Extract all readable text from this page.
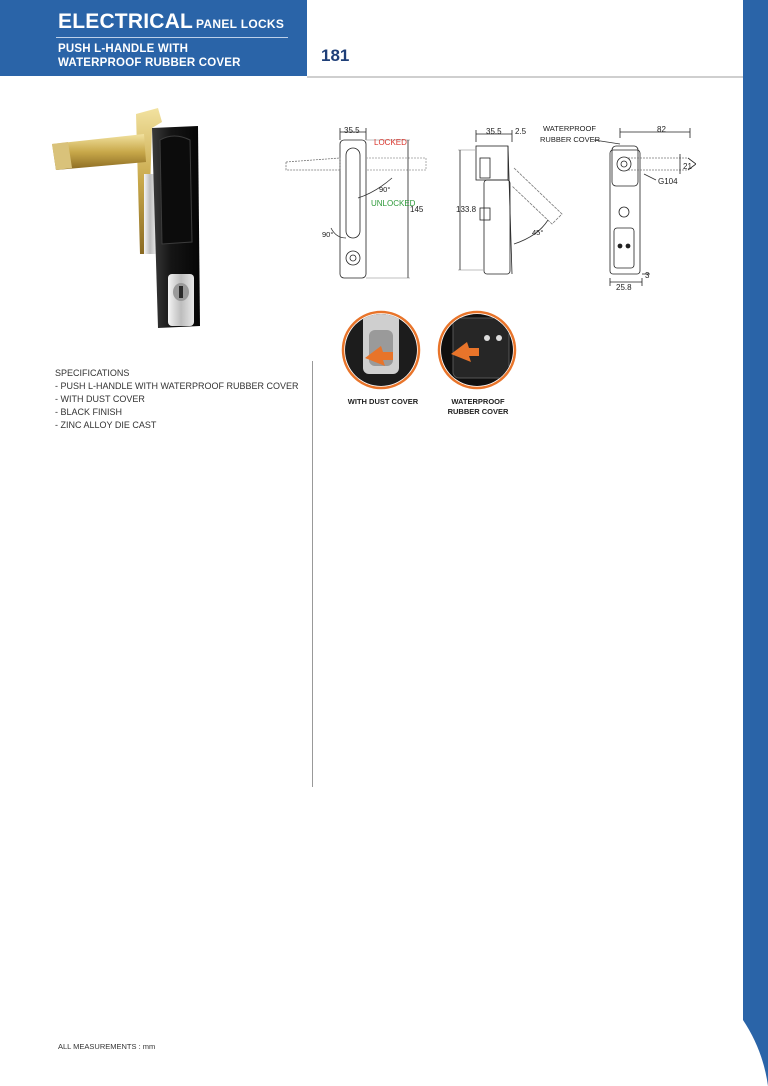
ELECTRICAL PANEL LOCKS
PUSH L-HANDLE WITH
WATERPROOF RUBBER COVER	181
35.5
LOCKED
90°
UNLOCKED
145
90°
35.5 2.5
133.8
45°
WATERPROOF
RUBBER COVER
82
21
G104
3
25.8
WITH DUST COVER	WATERPROOF
RUBBER COVER
SPECIFICATIONS
- PUSH L-HANDLE WITH WATERPROOF RUBBER COVER
- WITH DUST COVER
- BLACK FINISH
- ZINC ALLOY DIE CAST
ALL MEASUREMENTS : mm
